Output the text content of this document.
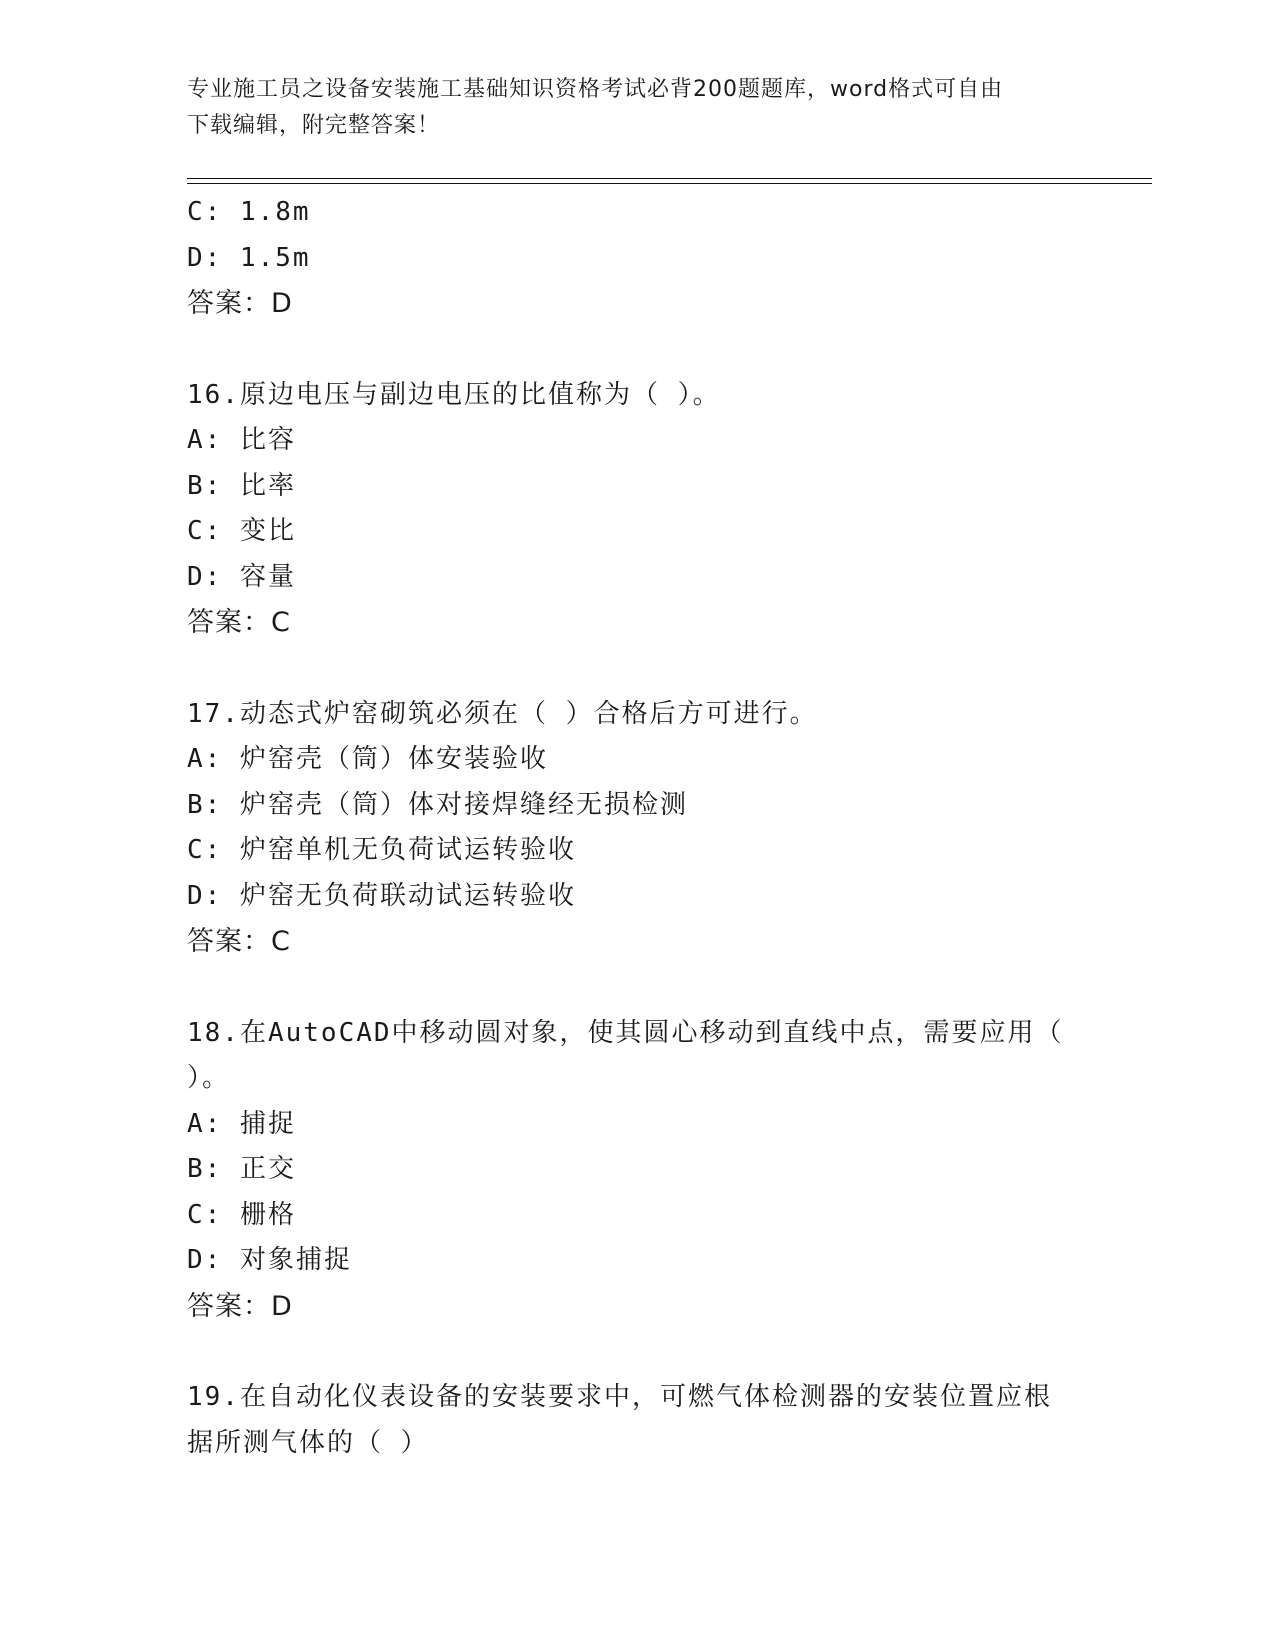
专业施工员之设备安装施工基础知识资格考试必背200题题库，word格式可自由
下载编辑，附完整答案！
C: 1.8m
D: 1.5m
答案：D
16.原边电压与副边电压的比值称为（ ）。
A: 比容
B: 比率
C: 变比
D: 容量
答案：C
17.动态式炉窑砌筑必须在（ ）合格后方可进行。
A: 炉窑壳（筒）体安装验收
B: 炉窑壳（筒）体对接焊缝经无损检测
C: 炉窑单机无负荷试运转验收
D: 炉窑无负荷联动试运转验收
答案：C
18.在AutoCAD中移动圆对象，使其圆心移动到直线中点，需要应用（
）。
A: 捕捉
B: 正交
C: 栅格
D: 对象捕捉
答案：D
19.在自动化仪表设备的安装要求中，可燃气体检测器的安装位置应根
据所测气体的（ ）
